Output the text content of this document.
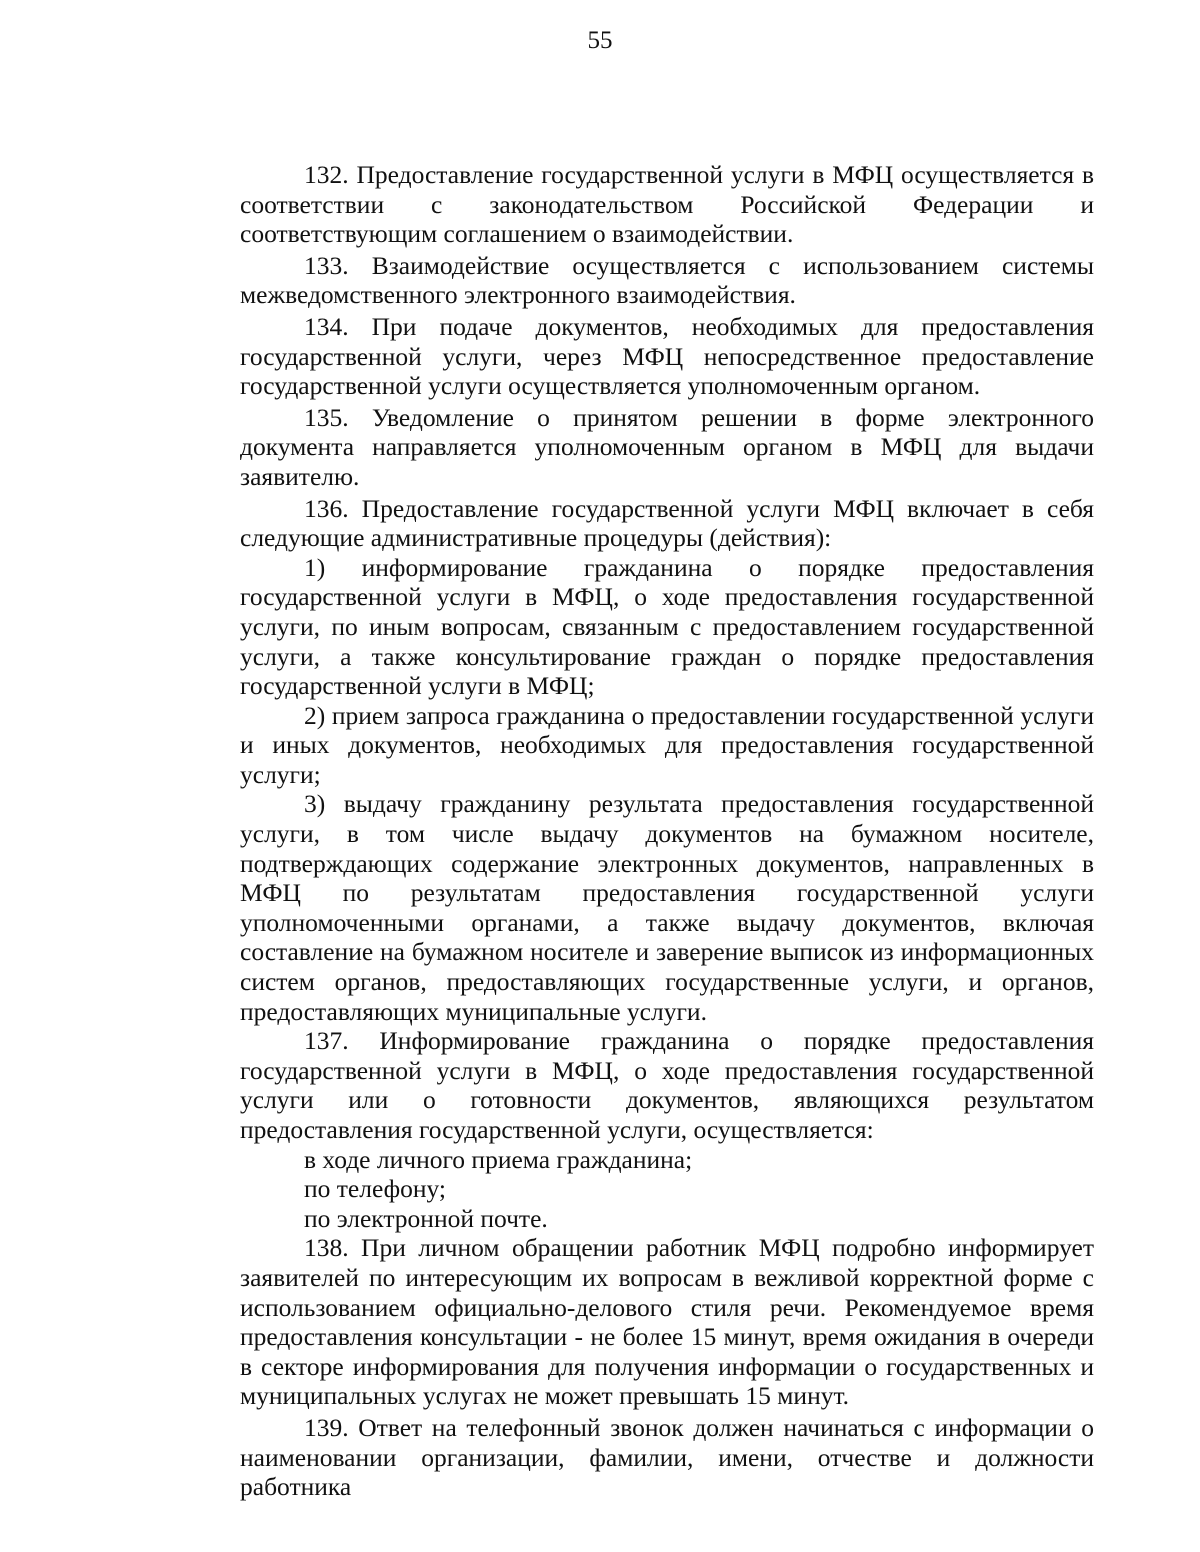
55

132. Предоставление государственной услуги в МФЦ осуществляется в соответствии с законодательством Российской Федерации и соответствующим соглашением о взаимодействии.

133. Взаимодействие осуществляется с использованием системы межведомственного электронного взаимодействия.

134. При подаче документов, необходимых для предоставления государственной услуги, через МФЦ непосредственное предоставление государственной услуги осуществляется уполномоченным органом.

135. Уведомление о принятом решении в форме электронного документа направляется уполномоченным органом в МФЦ для выдачи заявителю.

136. Предоставление государственной услуги МФЦ включает в себя следующие административные процедуры (действия):

1) информирование гражданина о порядке предоставления государственной услуги в МФЦ, о ходе предоставления государственной услуги, по иным вопросам, связанным с предоставлением государственной услуги, а также консультирование граждан о порядке предоставления государственной услуги в МФЦ;

2) прием запроса гражданина о предоставлении государственной услуги и иных документов, необходимых для предоставления государственной услуги;

3) выдачу гражданину результата предоставления государственной услуги, в том числе выдачу документов на бумажном носителе, подтверждающих содержание электронных документов, направленных в МФЦ по результатам предоставления государственной услуги уполномоченными органами, а также выдачу документов, включая составление на бумажном носителе и заверение выписок из информационных систем органов, предоставляющих государственные услуги, и органов, предоставляющих муниципальные услуги.

137. Информирование гражданина о порядке предоставления государственной услуги в МФЦ, о ходе предоставления государственной услуги или о готовности документов, являющихся результатом предоставления государственной услуги, осуществляется:

в ходе личного приема гражданина;

по телефону;

по электронной почте.

138. При личном обращении работник МФЦ подробно информирует заявителей по интересующим их вопросам в вежливой корректной форме с использованием официально-делового стиля речи. Рекомендуемое время предоставления консультации - не более 15 минут, время ожидания в очереди в секторе информирования для получения информации о государственных и муниципальных услугах не может превышать 15 минут.

139. Ответ на телефонный звонок должен начинаться с информации о наименовании организации, фамилии, имени, отчестве и должности работника
